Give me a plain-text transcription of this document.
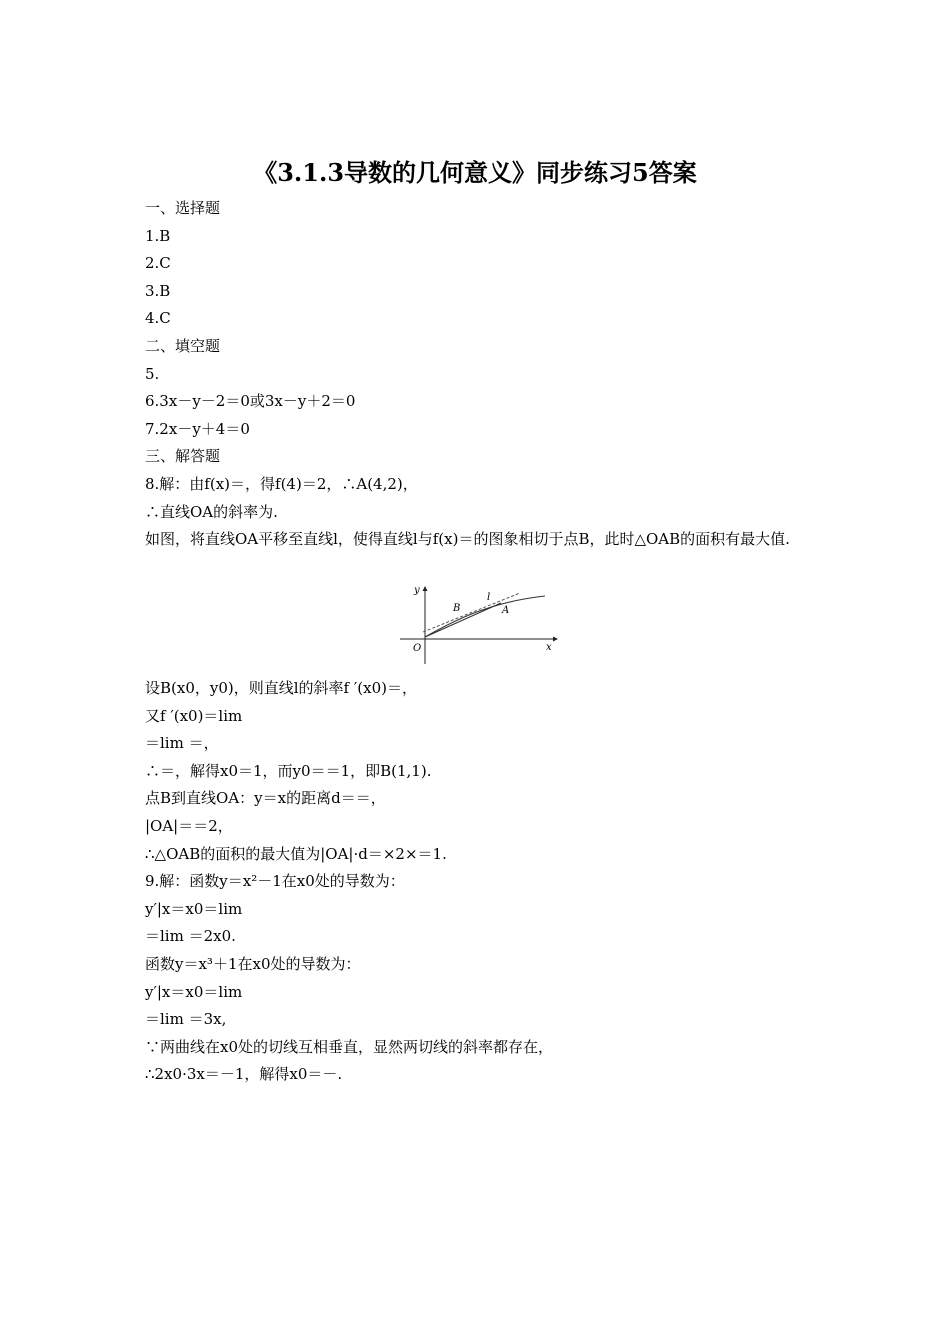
《3.1.3导数的几何意义》同步练习5答案
一、选择题
1.B
2.C
3.B
4.C
二、填空题
5.
6.3x－y－2＝0或3x－y＋2＝0
7.2x－y＋4＝0
三、解答题
8.解：由f(x)＝，得f(4)＝2，∴A(4,2)，
∴直线OA的斜率为.
如图，将直线OA平移至直线l，使得直线l与f(x)＝的图象相切于点B，此时△OAB的面积有最大值.
y
x
O
B	A
l
设B(x0，y0)，则直线l的斜率f ′(x0)＝，
又f ′(x0)＝lim
＝lim ＝，
∴＝，解得x0＝1，而y0＝＝1，即B(1,1).
点B到直线OA：y＝x的距离d＝＝，
|OA|＝＝2，
∴△OAB的面积的最大值为|OA|·d＝×2×＝1.
9.解：函数y＝x²－1在x0处的导数为：
y′|x＝x0＝lim
＝lim ＝2x0.
函数y＝x³＋1在x0处的导数为：
y′|x＝x0＝lim
＝lim ＝3x,
∵两曲线在x0处的切线互相垂直，显然两切线的斜率都存在，
∴2x0·3x＝－1，解得x0＝－.
